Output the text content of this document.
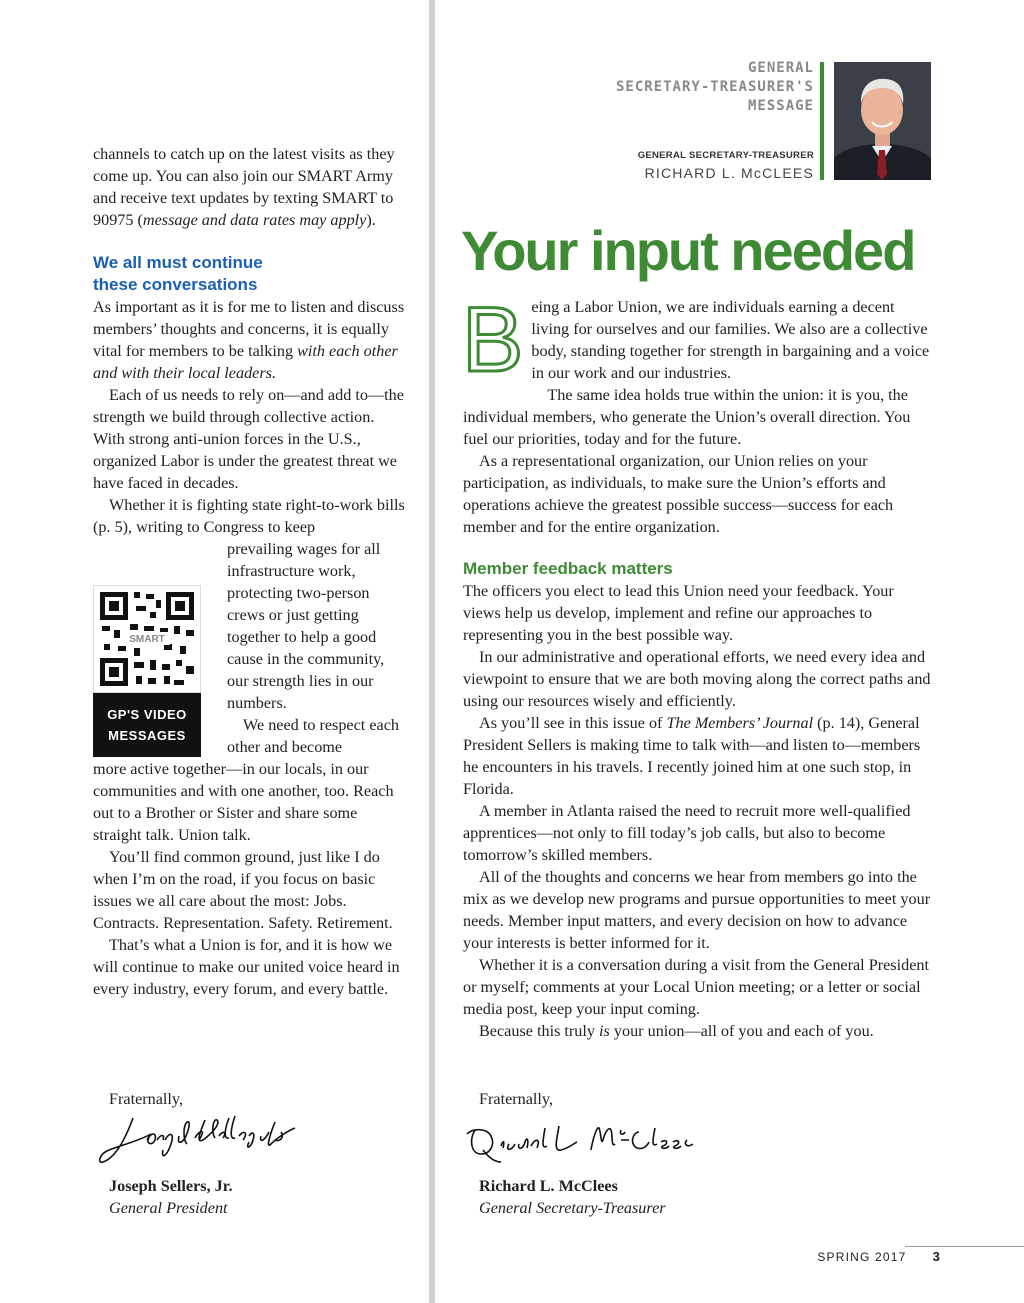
channels to catch up on the latest visits as they come up. You can also join our SMART Army and receive text updates by texting SMART to 90975 (message and data rates may apply).

We all must continue these conversations

As important as it is for me to listen and discuss members’ thoughts and concerns, it is equally vital for members to be talking with each other and with their local leaders.

Each of us needs to rely on—and add to—the strength we build through collective action. With strong anti-union forces in the U.S., organized Labor is under the greatest threat we have faced in decades.

Whether it is fighting state right-to-work bills (p. 5), writing to Congress to keep

prevailing wages for all infrastructure work, protecting two-person crews or just getting together to help a good cause in the community, our strength lies in our numbers.

We need to respect each other and become

more active together—in our locals, in our communities and with one another, too. Reach out to a Brother or Sister and share some straight talk. Union talk.

You’ll find common ground, just like I do when I’m on the road, if you focus on basic issues we all care about the most: Jobs. Contracts. Representation. Safety. Retirement.

That’s what a Union is for, and it is how we will continue to make our united voice heard in every industry, every forum, and every battle.

SMART
GP'S VIDEO
MESSAGES
Fraternally,
Joseph Sellers, Jr.
General President
GENERAL
SECRETARY-TREASURER'S
MESSAGE
GENERAL SECRETARY-TREASURER
RICHARD L. McCLEES
Your input needed

Being a Labor Union, we are individuals earning a decent living for ourselves and our families. We also are a collective body, standing together for strength in bargaining and a voice in our work and our industries.

The same idea holds true within the union: it is you, the individual members, who generate the Union’s overall direction. You fuel our priorities, today and for the future.

As a representational organization, our Union relies on your participation, as individuals, to make sure the Union’s efforts and operations achieve the greatest possible success—success for each member and for the entire organization.

Member feedback matters

The officers you elect to lead this Union need your feedback. Your views help us develop, implement and refine our approaches to representing you in the best possible way.

In our administrative and operational efforts, we need every idea and viewpoint to ensure that we are both moving along the correct paths and using our resources wisely and efficiently.

As you’ll see in this issue of The Members’ Journal (p. 14), General President Sellers is making time to talk with—and listen to—members he encounters in his travels. I recently joined him at one such stop, in Florida.

A member in Atlanta raised the need to recruit more well-qualified apprentices—not only to fill today’s job calls, but also to become tomorrow’s skilled members.

All of the thoughts and concerns we hear from members go into the mix as we develop new programs and pursue opportunities to meet your needs. Member input matters, and every decision on how to advance your interests is better informed for it.

Whether it is a conversation during a visit from the General President or myself; comments at your Local Union meeting; or a letter or social media post, keep your input coming.

Because this truly is your union—all of you and each of you.

Fraternally,
Richard L. McClees
General Secretary-Treasurer
SPRING 2017 3
